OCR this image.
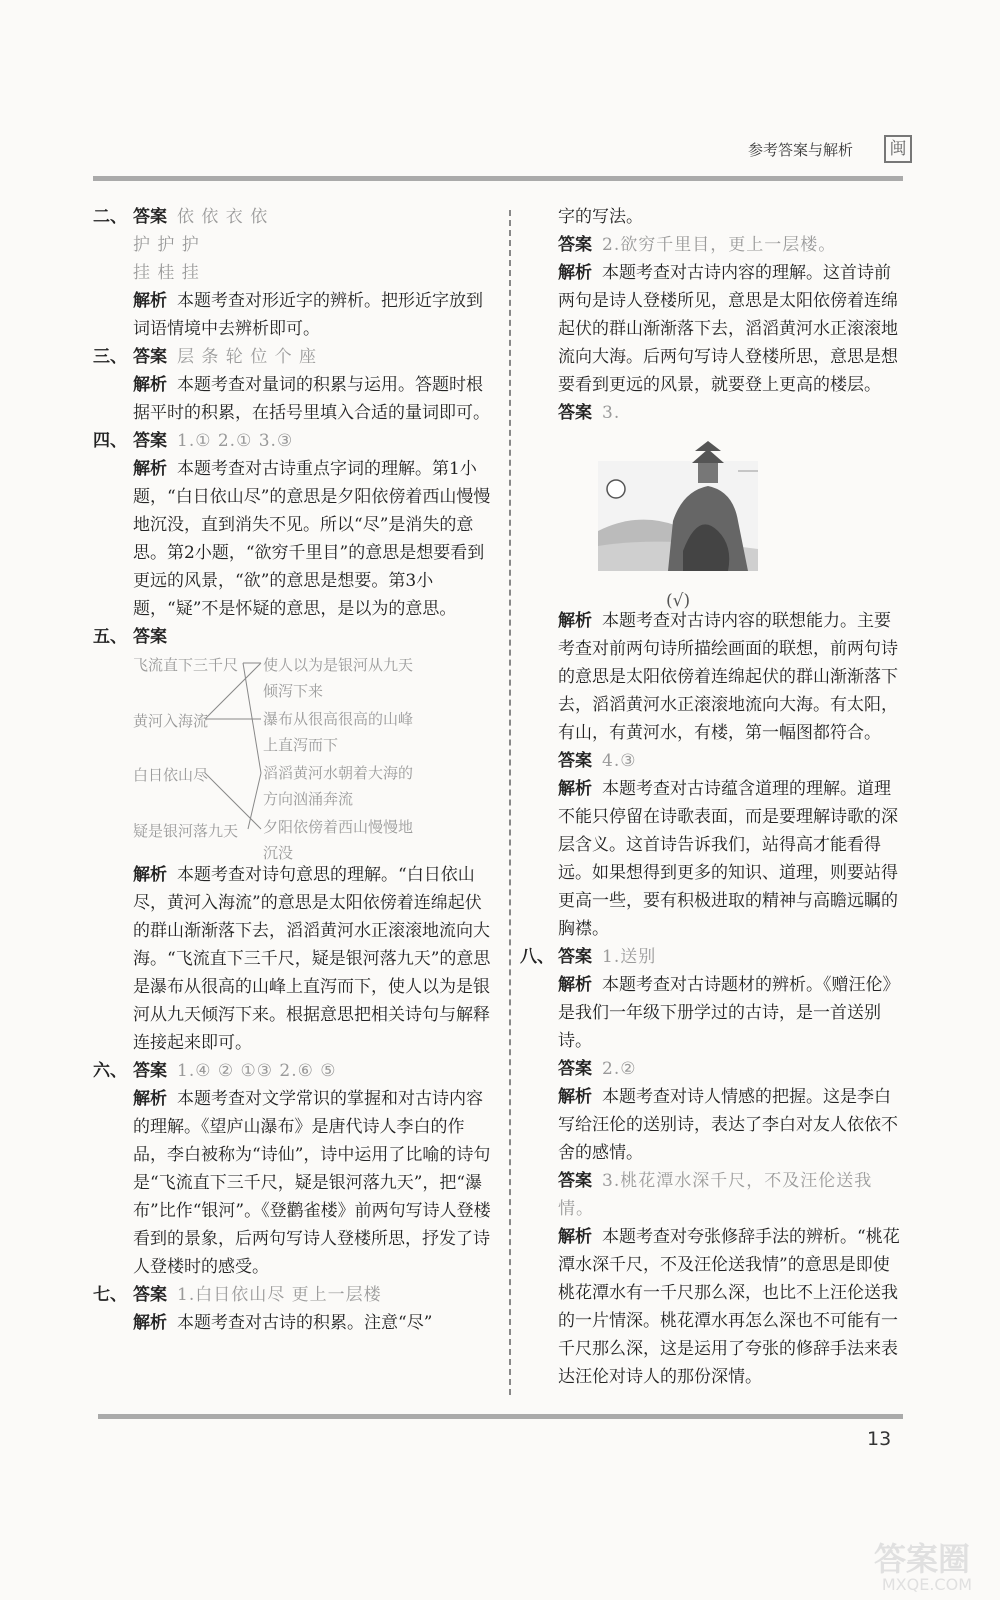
参考答案与解析	闽
二、 答案 依 依 衣 依
护 护 护
挂 桂 挂
解析 本题考查对形近字的辨析。把形近字放到词语情境中去辨析即可。
三、 答案 层 条 轮 位 个 座
解析 本题考查对量词的积累与运用。答题时根据平时的积累，在括号里填入合适的量词即可。
四、 答案 1.① 2.① 3.③
解析 本题考查对古诗重点字词的理解。第1小题，“白日依山尽”的意思是夕阳依傍着西山慢慢地沉没，直到消失不见。所以“尽”是消失的意思。第2小题，“欲穷千里目”的意思是想要看到更远的风景，“欲”的意思是想要。第3小题，“疑”不是怀疑的意思，是以为的意思。
五、 答案
飞流直下三千尺
黄河入海流
白日依山尽
疑是银河落九天
使人以为是银河从九天
倾泻下来
瀑布从很高很高的山峰
上直泻而下
滔滔黄河水朝着大海的
方向汹涌奔流
夕阳依傍着西山慢慢地
沉没
解析 本题考查对诗句意思的理解。“白日依山尽，黄河入海流”的意思是太阳依傍着连绵起伏的群山渐渐落下去，滔滔黄河水正滚滚地流向大海。“飞流直下三千尺，疑是银河落九天”的意思是瀑布从很高的山峰上直泻而下，使人以为是银河从九天倾泻下来。根据意思把相关诗句与解释连接起来即可。
六、 答案 1.④ ② ①③ 2.⑥ ⑤
解析 本题考查对文学常识的掌握和对古诗内容的理解。《望庐山瀑布》是唐代诗人李白的作品，李白被称为“诗仙”，诗中运用了比喻的诗句是“飞流直下三千尺，疑是银河落九天”，把“瀑布”比作“银河”。《登鹳雀楼》前两句写诗人登楼看到的景象，后两句写诗人登楼所思，抒发了诗人登楼时的感受。
七、 答案 1.白日依山尽 更上一层楼
解析 本题考查对古诗的积累。注意“尽”
字的写法。
答案 2.欲穷千里目，更上一层楼。
解析 本题考查对古诗内容的理解。这首诗前两句是诗人登楼所见，意思是太阳依傍着连绵起伏的群山渐渐落下去，滔滔黄河水正滚滚地流向大海。后两句写诗人登楼所思，意思是想要看到更远的风景，就要登上更高的楼层。
答案 3.
(√)
解析 本题考查对古诗内容的联想能力。主要考查对前两句诗所描绘画面的联想，前两句诗的意思是太阳依傍着连绵起伏的群山渐渐落下去，滔滔黄河水正滚滚地流向大海。有太阳，有山，有黄河水，有楼，第一幅图都符合。
答案 4.③
解析 本题考查对古诗蕴含道理的理解。道理不能只停留在诗歌表面，而是要理解诗歌的深层含义。这首诗告诉我们，站得高才能看得远。如果想得到更多的知识、道理，则要站得更高一些，要有积极进取的精神与高瞻远瞩的胸襟。
八、 答案 1.送别
解析 本题考查对古诗题材的辨析。《赠汪伦》是我们一年级下册学过的古诗，是一首送别诗。
答案 2.②
解析 本题考查对诗人情感的把握。这是李白写给汪伦的送别诗，表达了李白对友人依依不舍的感情。
答案 3.桃花潭水深千尺，不及汪伦送我情。
解析 本题考查对夸张修辞手法的辨析。“桃花潭水深千尺，不及汪伦送我情”的意思是即使桃花潭水有一千尺那么深，也比不上汪伦送我的一片情深。桃花潭水再怎么深也不可能有一千尺那么深，这是运用了夸张的修辞手法来表达汪伦对诗人的那份深情。
13
答案圈
MXQE.COM
